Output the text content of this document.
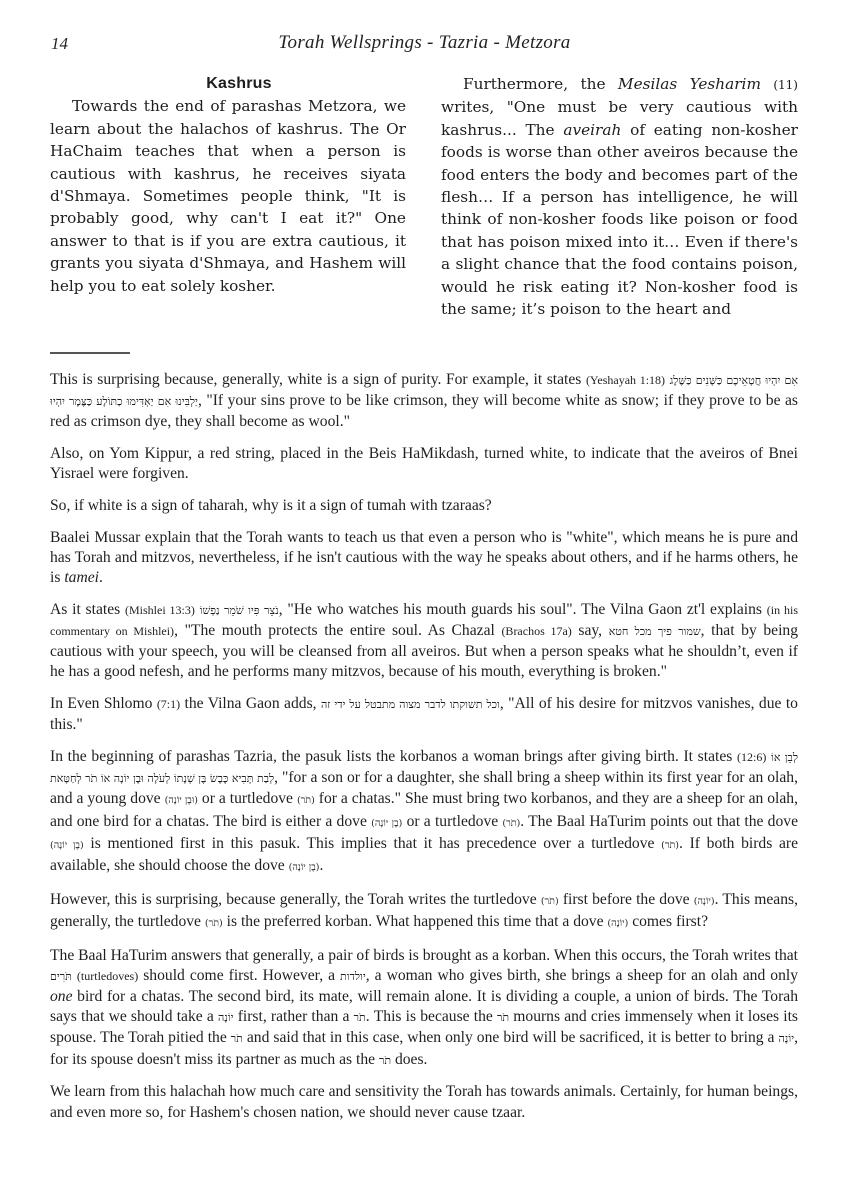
14	Torah Wellsprings - Tazria - Metzora

Kashrus

Towards the end of parashas Metzora, we learn about the halachos of kashrus. The Or HaChaim teaches that when a person is cautious with kashrus, he receives siyata d'Shmaya. Sometimes people think, "It is probably good, why can't I eat it?" One answer to that is if you are extra cautious, it grants you siyata d'Shmaya, and Hashem will help you to eat solely kosher.

Furthermore, the Mesilas Yesharim (11) writes, "One must be very cautious with kashrus... The aveirah of eating non-kosher foods is worse than other aveiros because the food enters the body and becomes part of the flesh… If a person has intelligence, he will think of non-kosher foods like poison or food that has poison mixed into it… Even if there's a slight chance that the food contains poison, would he risk eating it? Non-kosher food is the same; it’s poison to the heart and

This is surprising because, generally, white is a sign of purity. For example, it states (Yeshayah 1:18) אִם יִהְיוּ חֲטָאֵיכֶם כַּשָּׁנִים כַּשֶּׁלֶג יַלְבִּינוּ אִם יַאְדִּימוּ כַתּוֹלָע כַּצֶּמֶר יִהְיוּ, "If your sins prove to be like crimson, they will become white as snow; if they prove to be as red as crimson dye, they shall become as wool."

Also, on Yom Kippur, a red string, placed in the Beis HaMikdash, turned white, to indicate that the aveiros of Bnei Yisrael were forgiven.

So, if white is a sign of taharah, why is it a sign of tumah with tzaraas?

Baalei Mussar explain that the Torah wants to teach us that even a person who is "white", which means he is pure and has Torah and mitzvos, nevertheless, if he isn't cautious with the way he speaks about others, and if he harms others, he is tamei.

As it states (Mishlei 13:3) נֹצֵר פִּיו שֹׁמֵר נַפְשׁוֹ, "He who watches his mouth guards his soul". The Vilna Gaon zt'l explains (in his commentary on Mishlei), "The mouth protects the entire soul. As Chazal (Brachos 17a) say, שמור פיך מכל חטא, that by being cautious with your speech, you will be cleansed from all aveiros. But when a person speaks what he shouldn’t, even if he has a good nefesh, and he performs many mitzvos, because of his mouth, everything is broken."

In Even Shlomo (7:1) the Vilna Gaon adds, וכל תשוקתו לדבר מצוה מתבטל על ידי זה, "All of his desire for mitzvos vanishes, due to this."

In the beginning of parashas Tazria, the pasuk lists the korbanos a woman brings after giving birth. It states (12:6) לְבֵן אוֹ לְבַת תָּבִיא כֶּבֶשׂ בֶּן שְׁנָתוֹ לְעֹלָה וּבֶן יוֹנָה אוֹ תֹר לְחַטָּאת, "for a son or for a daughter, she shall bring a sheep within its first year for an olah, and a young dove (וּבֶן יוֹנָה) or a turtledove (תֹר) for a chatas." She must bring two korbanos, and they are a sheep for an olah, and one bird for a chatas. The bird is either a dove (בֶן יוֹנָה) or a turtledove (תֹר). The Baal HaTurim points out that the dove (בֶן יוֹנָה) is mentioned first in this pasuk. This implies that it has precedence over a turtledove (תֹר). If both birds are available, she should choose the dove (בֶן יוֹנָה).

However, this is surprising, because generally, the Torah writes the turtledove (תֹר) first before the dove (יוֹנָה). This means, generally, the turtledove (תֹר) is the preferred korban. What happened this time that a dove (יוֹנָה) comes first?

The Baal HaTurim answers that generally, a pair of birds is brought as a korban. When this occurs, the Torah writes that תֹּרִים (turtledoves) should come first. However, a יולדות, a woman who gives birth, she brings a sheep for an olah and only one bird for a chatas. The second bird, its mate, will remain alone. It is dividing a couple, a union of birds. The Torah says that we should take a יוֹנָה first, rather than a תֹר. This is because the תֹר mourns and cries immensely when it loses its spouse. The Torah pitied the תֹר and said that in this case, when only one bird will be sacrificed, it is better to bring a יוֹנָה, for its spouse doesn't miss its partner as much as the תֹר does.

We learn from this halachah how much care and sensitivity the Torah has towards animals. Certainly, for human beings, and even more so, for Hashem's chosen nation, we should never cause tzaar.
